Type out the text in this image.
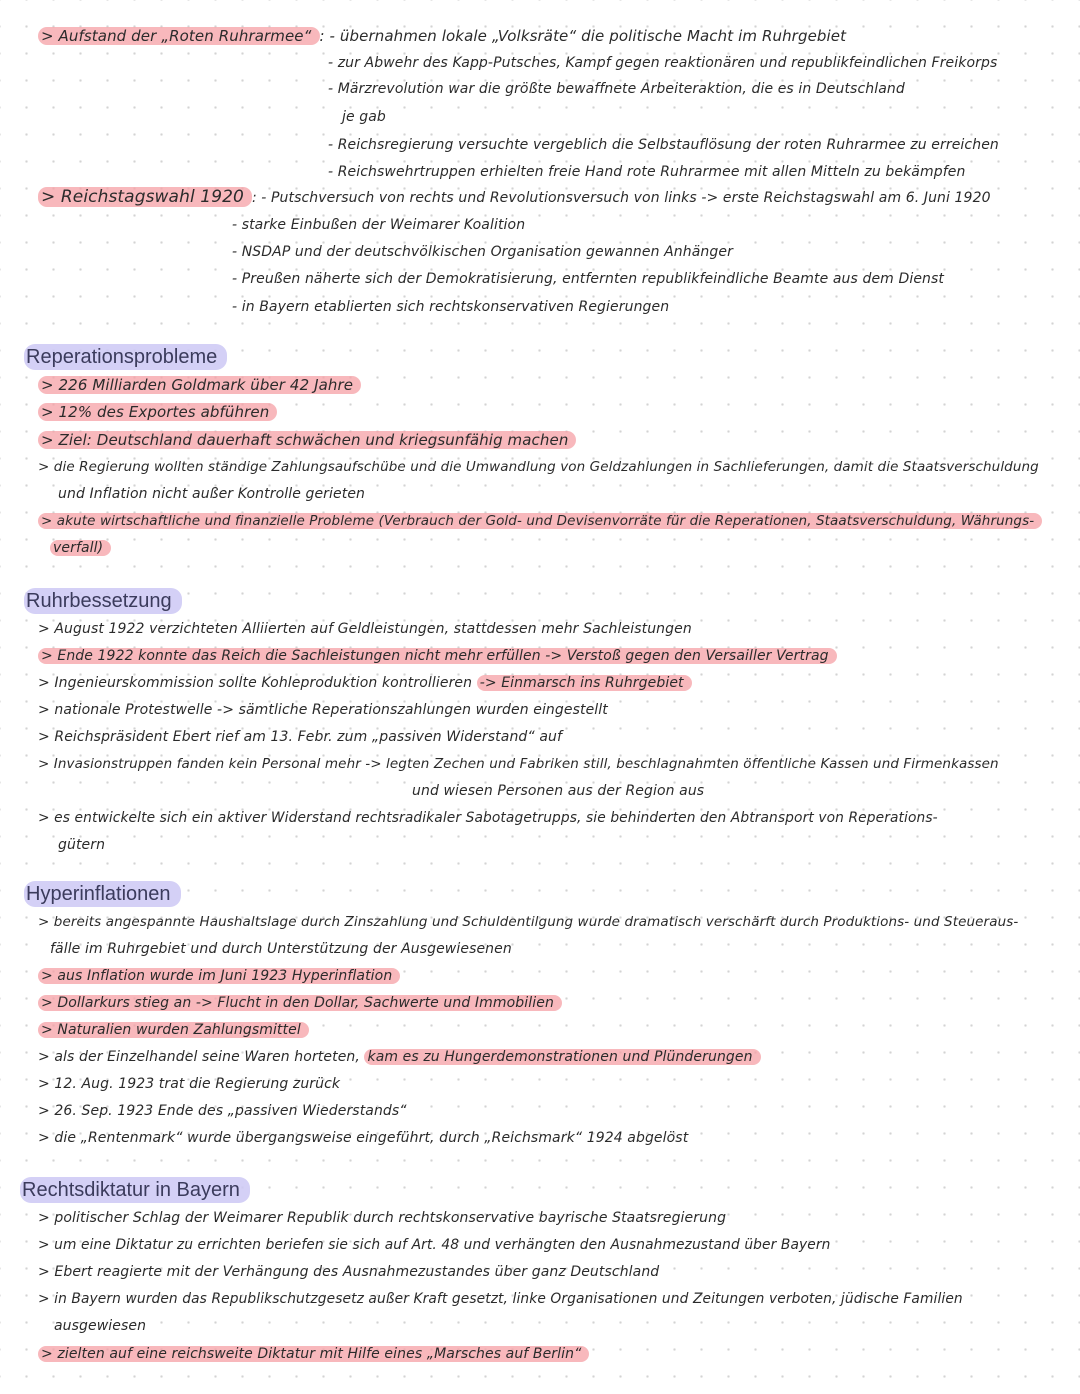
> Aufstand der „Roten Ruhrarmee“ : - übernahmen lokale „Volksräte“ die politische Macht im Ruhrgebiet
- zur Abwehr des Kapp-Putsches, Kampf gegen reaktionären und republikfeindlichen Freikorps
- Märzrevolution war die größte bewaffnete Arbeiteraktion, die es in Deutschland
je gab
- Reichsregierung versuchte vergeblich die Selbstauflösung der roten Ruhrarmee zu erreichen
- Reichswehrtruppen erhielten freie Hand rote Ruhrarmee mit allen Mitteln zu bekämpfen
> Reichstagswahl 1920 : - Putschversuch von rechts und Revolutionsversuch von links -> erste Reichstagswahl am 6. Juni 1920
- starke Einbußen der Weimarer Koalition
- NSDAP und der deutschvölkischen Organisation gewannen Anhänger
- Preußen näherte sich der Demokratisierung, entfernten republikfeindliche Beamte aus dem Dienst
- in Bayern etablierten sich rechtskonservativen Regierungen
Reperationsprobleme
> 226 Milliarden Goldmark über 42 Jahre
> 12% des Exportes abführen
> Ziel: Deutschland dauerhaft schwächen und kriegsunfähig machen
> die Regierung wollten ständige Zahlungsaufschübe und die Umwandlung von Geldzahlungen in Sachlieferungen, damit die Staatsverschuldung
und Inflation nicht außer Kontrolle gerieten
> akute wirtschaftliche und finanzielle Probleme (Verbrauch der Gold- und Devisenvorräte für die Reperationen, Staatsverschuldung, Währungs-
verfall)
Ruhrbessetzung
> August 1922 verzichteten Alliierten auf Geldleistungen, stattdessen mehr Sachleistungen
> Ende 1922 konnte das Reich die Sachleistungen nicht mehr erfüllen -> Verstoß gegen den Versailler Vertrag
> Ingenieurskommission sollte Kohleproduktion kontrollieren -> Einmarsch ins Ruhrgebiet
> nationale Protestwelle -> sämtliche Reperationszahlungen wurden eingestellt
> Reichspräsident Ebert rief am 13. Febr. zum „passiven Widerstand“ auf
> Invasionstruppen fanden kein Personal mehr -> legten Zechen und Fabriken still, beschlagnahmten öffentliche Kassen und Firmenkassen
und wiesen Personen aus der Region aus
> es entwickelte sich ein aktiver Widerstand rechtsradikaler Sabotagetrupps, sie behinderten den Abtransport von Reperations-
gütern
Hyperinflationen
> bereits angespannte Haushaltslage durch Zinszahlung und Schuldentilgung wurde dramatisch verschärft durch Produktions- und Steueraus-
fälle im Ruhrgebiet und durch Unterstützung der Ausgewiesenen
> aus Inflation wurde im Juni 1923 Hyperinflation
> Dollarkurs stieg an -> Flucht in den Dollar, Sachwerte und Immobilien
> Naturalien wurden Zahlungsmittel
> als der Einzelhandel seine Waren horteten, kam es zu Hungerdemonstrationen und Plünderungen
> 12. Aug. 1923 trat die Regierung zurück
> 26. Sep. 1923 Ende des „passiven Wiederstands“
> die „Rentenmark“ wurde übergangsweise eingeführt, durch „Reichsmark“ 1924 abgelöst
Rechtsdiktatur in Bayern
> politischer Schlag der Weimarer Republik durch rechtskonservative bayrische Staatsregierung
> um eine Diktatur zu errichten beriefen sie sich auf Art. 48 und verhängten den Ausnahmezustand über Bayern
> Ebert reagierte mit der Verhängung des Ausnahmezustandes über ganz Deutschland
> in Bayern wurden das Republikschutzgesetz außer Kraft gesetzt, linke Organisationen und Zeitungen verboten, jüdische Familien
ausgewiesen
> zielten auf eine reichsweite Diktatur mit Hilfe eines „Marsches auf Berlin“
